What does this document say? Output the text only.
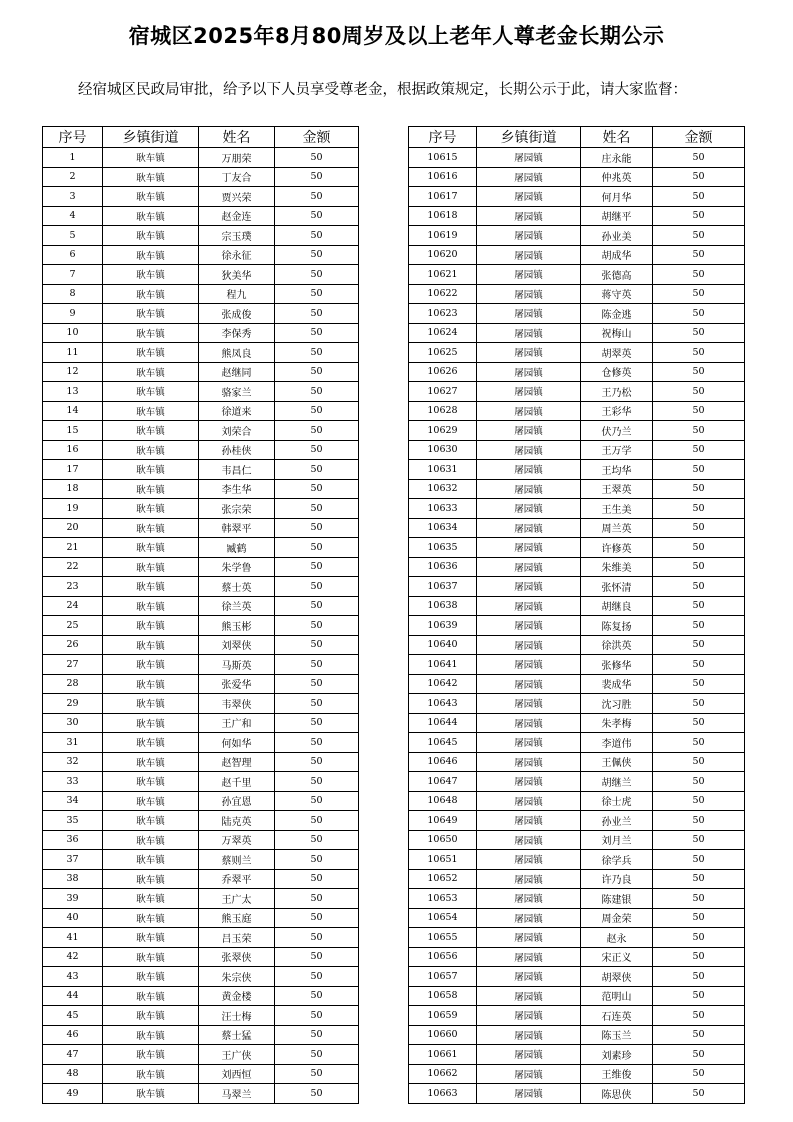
宿城区2025年8月80周岁及以上老年人尊老金长期公示

经宿城区民政局审批，给予以下人员享受尊老金，根据政策规定，长期公示于此，请大家监督：

序号	乡镇街道	姓名	金额
1	耿车镇	万朋荣	50
2	耿车镇	丁友合	50
3	耿车镇	贾兴荣	50
4	耿车镇	赵金连	50
5	耿车镇	宗玉璞	50
6	耿车镇	徐永征	50
7	耿车镇	狄美华	50
8	耿车镇	程九	50
9	耿车镇	张成俊	50
10	耿车镇	李保秀	50
11	耿车镇	熊凤良	50
12	耿车镇	赵继同	50
13	耿车镇	骆家兰	50
14	耿车镇	徐道来	50
15	耿车镇	刘荣合	50
16	耿车镇	孙桂侠	50
17	耿车镇	韦昌仁	50
18	耿车镇	李生华	50
19	耿车镇	张宗荣	50
20	耿车镇	韩翠平	50
21	耿车镇	臧鹤	50
22	耿车镇	朱学鲁	50
23	耿车镇	蔡士英	50
24	耿车镇	徐兰英	50
25	耿车镇	熊玉彬	50
26	耿车镇	刘翠侠	50
27	耿车镇	马斯英	50
28	耿车镇	张爱华	50
29	耿车镇	韦翠侠	50
30	耿车镇	王广和	50
31	耿车镇	何如华	50
32	耿车镇	赵智理	50
33	耿车镇	赵千里	50
34	耿车镇	孙宜恩	50
35	耿车镇	陆克英	50
36	耿车镇	万翠英	50
37	耿车镇	蔡则兰	50
38	耿车镇	乔翠平	50
39	耿车镇	王广太	50
40	耿车镇	熊玉庭	50
41	耿车镇	吕玉荣	50
42	耿车镇	张翠侠	50
43	耿车镇	朱宗侠	50
44	耿车镇	黄金楼	50
45	耿车镇	汪士梅	50
46	耿车镇	蔡士猛	50
47	耿车镇	王广侠	50
48	耿车镇	刘西恒	50
49	耿车镇	马翠兰	50
序号	乡镇街道	姓名	金额
10615	屠园镇	庄永能	50
10616	屠园镇	仲兆英	50
10617	屠园镇	何月华	50
10618	屠园镇	胡继平	50
10619	屠园镇	孙业美	50
10620	屠园镇	胡成华	50
10621	屠园镇	张德高	50
10622	屠园镇	蒋守英	50
10623	屠园镇	陈金逃	50
10624	屠园镇	祝梅山	50
10625	屠园镇	胡翠英	50
10626	屠园镇	仓修英	50
10627	屠园镇	王乃松	50
10628	屠园镇	王彩华	50
10629	屠园镇	伏乃兰	50
10630	屠园镇	王万学	50
10631	屠园镇	王均华	50
10632	屠园镇	王翠英	50
10633	屠园镇	王生美	50
10634	屠园镇	周兰英	50
10635	屠园镇	许修英	50
10636	屠园镇	朱维美	50
10637	屠园镇	张怀清	50
10638	屠园镇	胡继良	50
10639	屠园镇	陈复扬	50
10640	屠园镇	徐洪英	50
10641	屠园镇	张修华	50
10642	屠园镇	裴成华	50
10643	屠园镇	沈习胜	50
10644	屠园镇	朱孝梅	50
10645	屠园镇	李道伟	50
10646	屠园镇	王佩侠	50
10647	屠园镇	胡继兰	50
10648	屠园镇	徐士虎	50
10649	屠园镇	孙业兰	50
10650	屠园镇	刘月兰	50
10651	屠园镇	徐学兵	50
10652	屠园镇	许乃良	50
10653	屠园镇	陈建银	50
10654	屠园镇	周金荣	50
10655	屠园镇	赵永	50
10656	屠园镇	宋正义	50
10657	屠园镇	胡翠侠	50
10658	屠园镇	范明山	50
10659	屠园镇	石连英	50
10660	屠园镇	陈玉兰	50
10661	屠园镇	刘素珍	50
10662	屠园镇	王维俊	50
10663	屠园镇	陈思侠	50
